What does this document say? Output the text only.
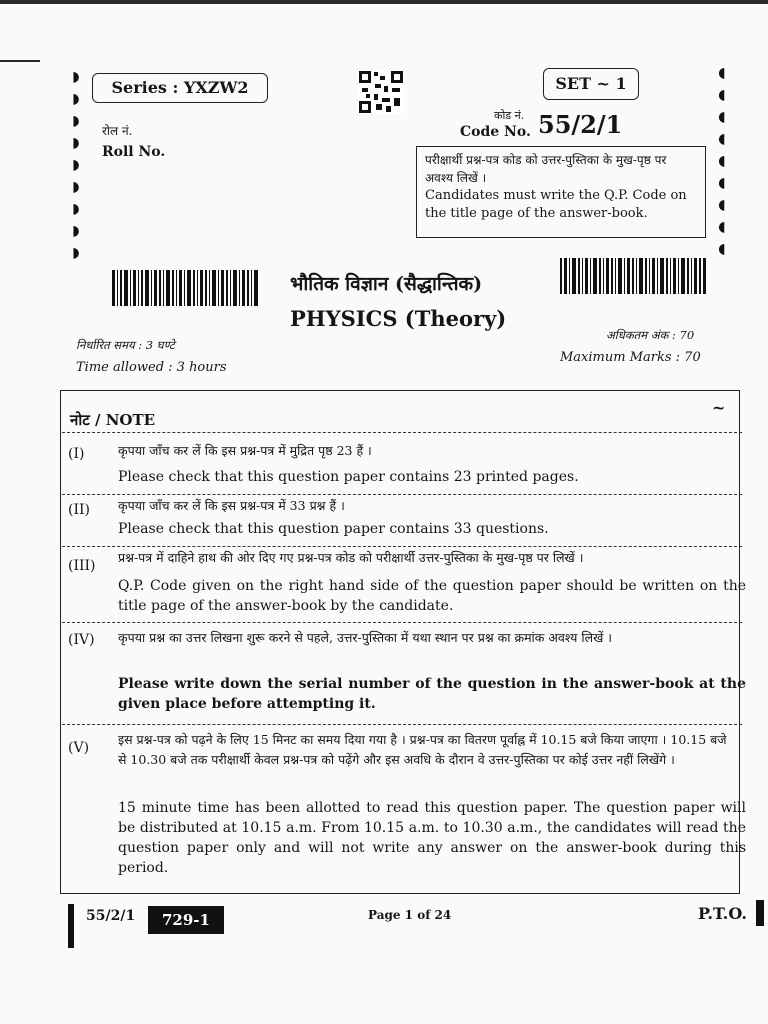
◗
◗
◗
◗
◗
◗
◗
◗
◗
◖
◖
◖
◖
◖
◖
◖
◖
◖
Series : YXZW2	SET ~ 1
रोल नं.
Roll No.
कोड नं.
Code No. 55/2/1
परीक्षार्थी प्रश्न-पत्र कोड को उत्तर-पुस्तिका के मुख-पृष्ठ पर अवश्य लिखें ।
Candidates must write the Q.P. Code on the title page of the answer-book.
भौतिक विज्ञान (सैद्धान्तिक)
PHYSICS (Theory)
निर्धारित समय : 3 घण्टे
Time allowed : 3 hours
अधिकतम अंक : 70
Maximum Marks : 70
नोट / NOTE
~
(I)	कृपया जाँच कर लें कि इस प्रश्न-पत्र में मुद्रित पृष्ठ 23 हैं ।
Please check that this question paper contains 23 printed pages.
(II) कृपया जाँच कर लें कि इस प्रश्न-पत्र में 33 प्रश्न हैं ।
Please check that this question paper contains 33 questions.
(III)
प्रश्न-पत्र में दाहिने हाथ की ओर दिए गए प्रश्न-पत्र कोड को परीक्षार्थी उत्तर-पुस्तिका के मुख-पृष्ठ पर लिखें ।
Q.P. Code given on the right hand side of the question paper should be written on the title page of the answer-book by the candidate.
(IV) कृपया प्रश्न का उत्तर लिखना शुरू करने से पहले, उत्तर-पुस्तिका में यथा स्थान पर प्रश्न का क्रमांक अवश्य लिखें ।
Please write down the serial number of the question in the answer-book at the given place before attempting it.
(V)
इस प्रश्न-पत्र को पढ़ने के लिए 15 मिनट का समय दिया गया है । प्रश्न-पत्र का वितरण पूर्वाह्न में 10.15 बजे किया जाएगा । 10.15 बजे से 10.30 बजे तक परीक्षार्थी केवल प्रश्न-पत्र को पढ़ेंगे और इस अवधि के दौरान वे उत्तर-पुस्तिका पर कोई उत्तर नहीं लिखेंगे ।
15 minute time has been allotted to read this question paper. The question paper will be distributed at 10.15 a.m. From 10.15 a.m. to 10.30 a.m., the candidates will read the question paper only and will not write any answer on the answer-book during this period.
55/2/1	729-1	Page 1 of 24	P.T.O.
